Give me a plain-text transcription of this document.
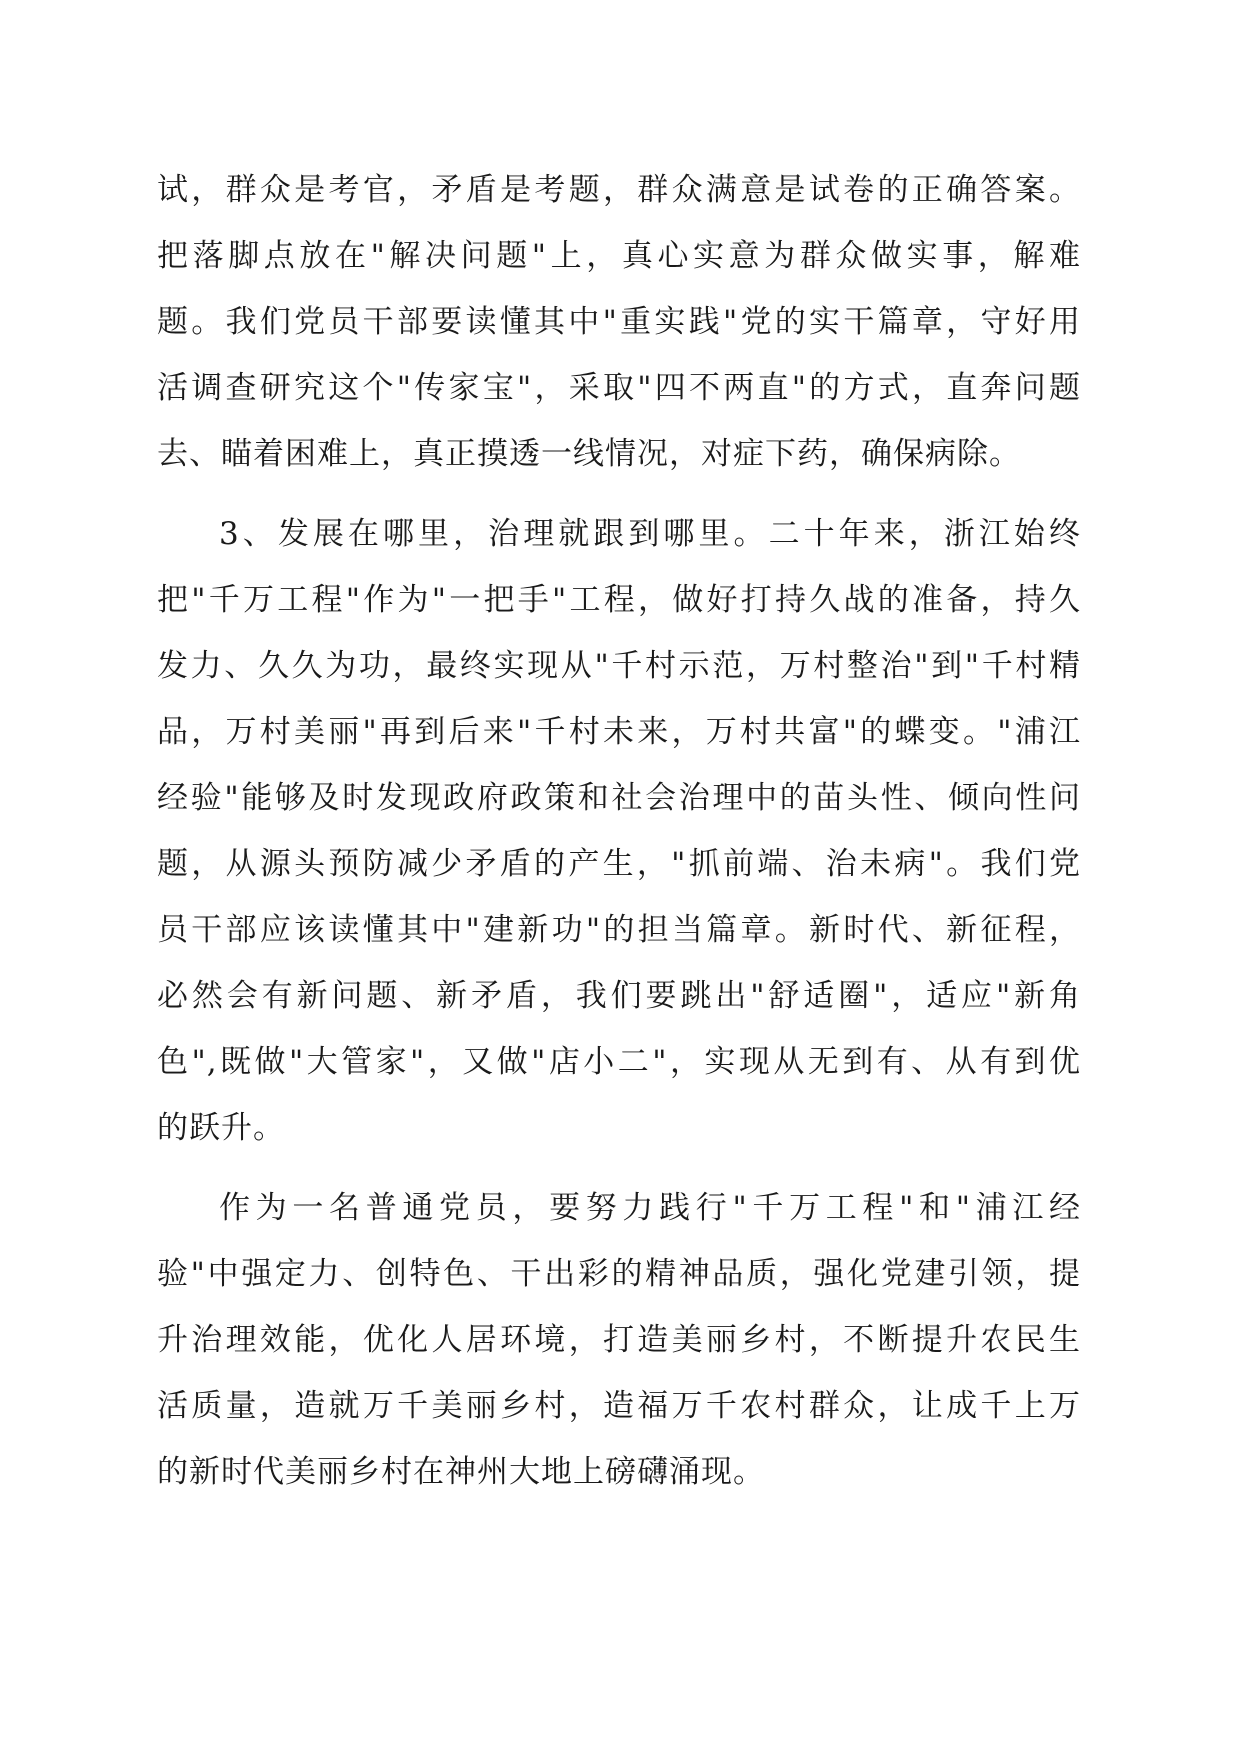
试，群众是考官，矛盾是考题，群众满意是试卷的正确答案。
把落脚点放在"解决问题"上，真心实意为群众做实事，解难
题。我们党员干部要读懂其中"重实践"党的实干篇章，守好用
活调查研究这个"传家宝"，采取"四不两直"的方式，直奔问题
去、瞄着困难上，真正摸透一线情况，对症下药，确保病除。
3、发展在哪里，治理就跟到哪里。二十年来，浙江始终
把"千万工程"作为"一把手"工程，做好打持久战的准备，持久
发力、久久为功，最终实现从"千村示范，万村整治"到"千村精
品，万村美丽"再到后来"千村未来，万村共富"的蝶变。"浦江
经验"能够及时发现政府政策和社会治理中的苗头性、倾向性问
题，从源头预防减少矛盾的产生，"抓前端、治未病"。我们党
员干部应该读懂其中"建新功"的担当篇章。新时代、新征程，
必然会有新问题、新矛盾，我们要跳出"舒适圈"，适应"新角
色",既做"大管家"，又做"店小二"，实现从无到有、从有到优
的跃升。
作为一名普通党员，要努力践行"千万工程"和"浦江经
验"中强定力、创特色、干出彩的精神品质，强化党建引领，提
升治理效能，优化人居环境，打造美丽乡村，不断提升农民生
活质量，造就万千美丽乡村，造福万千农村群众，让成千上万
的新时代美丽乡村在神州大地上磅礴涌现。
